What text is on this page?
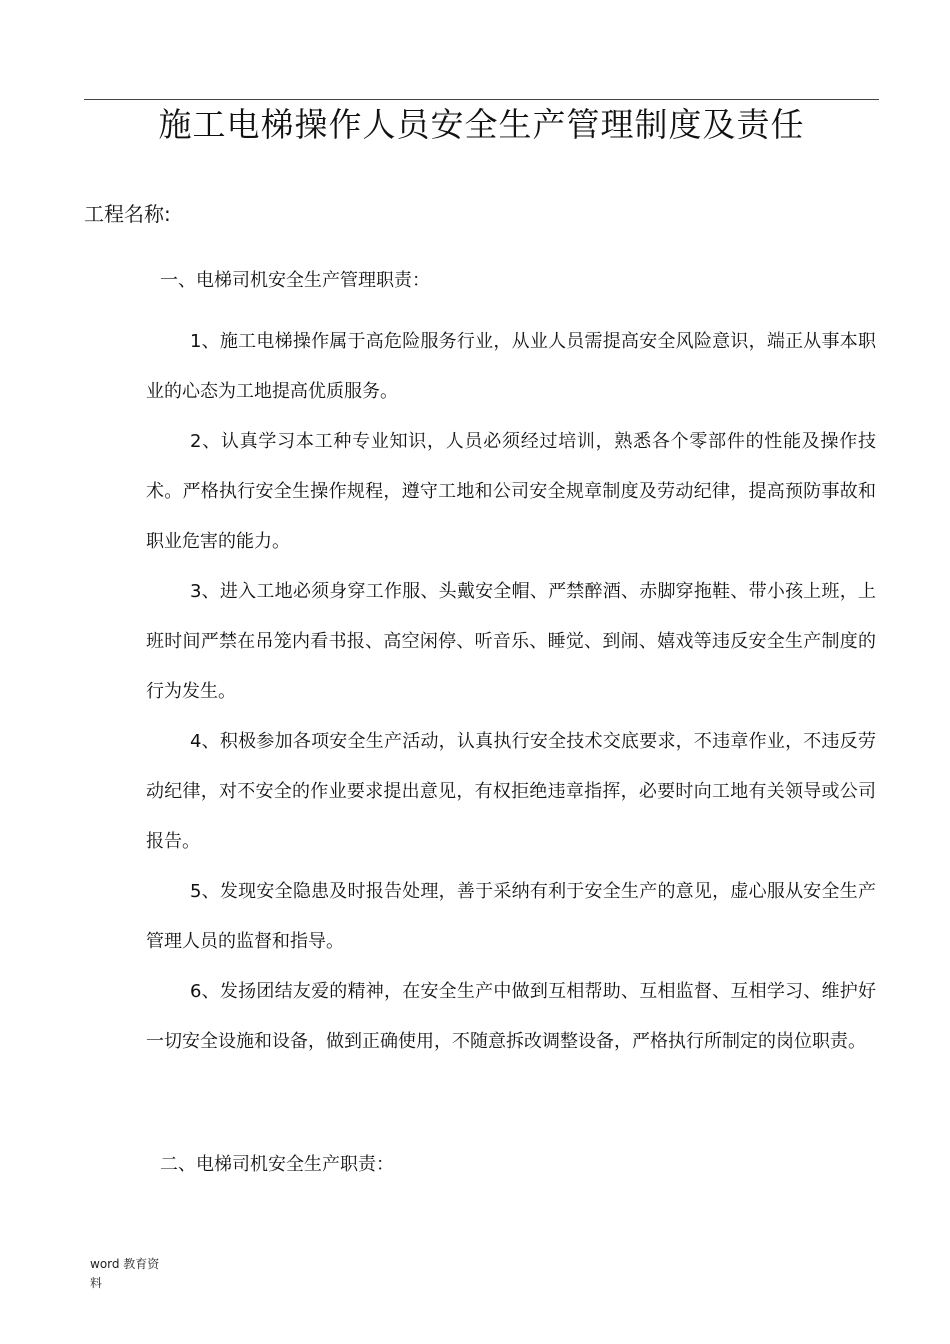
施工电梯操作人员安全生产管理制度及责任
工程名称:
一、电梯司机安全生产管理职责：

1、施工电梯操作属于高危险服务行业，从业人员需提高安全风险意识，端正从事本职业的心态为工地提高优质服务。

2、认真学习本工种专业知识，人员必须经过培训，熟悉各个零部件的性能及操作技术。严格执行安全生操作规程，遵守工地和公司安全规章制度及劳动纪律，提高预防事故和职业危害的能力。

3、进入工地必须身穿工作服、头戴安全帽、严禁醉酒、赤脚穿拖鞋、带小孩上班，上班时间严禁在吊笼内看书报、高空闲停、听音乐、睡觉、到闹、嬉戏等违反安全生产制度的行为发生。

4、积极参加各项安全生产活动，认真执行安全技术交底要求，不违章作业，不违反劳动纪律，对不安全的作业要求提出意见，有权拒绝违章指挥，必要时向工地有关领导或公司报告。

5、发现安全隐患及时报告处理，善于采纳有利于安全生产的意见，虚心服从安全生产管理人员的监督和指导。

6、发扬团结友爱的精神，在安全生产中做到互相帮助、互相监督、互相学习、维护好一切安全设施和设备，做到正确使用，不随意拆改调整设备，严格执行所制定的岗位职责。

二、电梯司机安全生产职责：
word 教育资料
